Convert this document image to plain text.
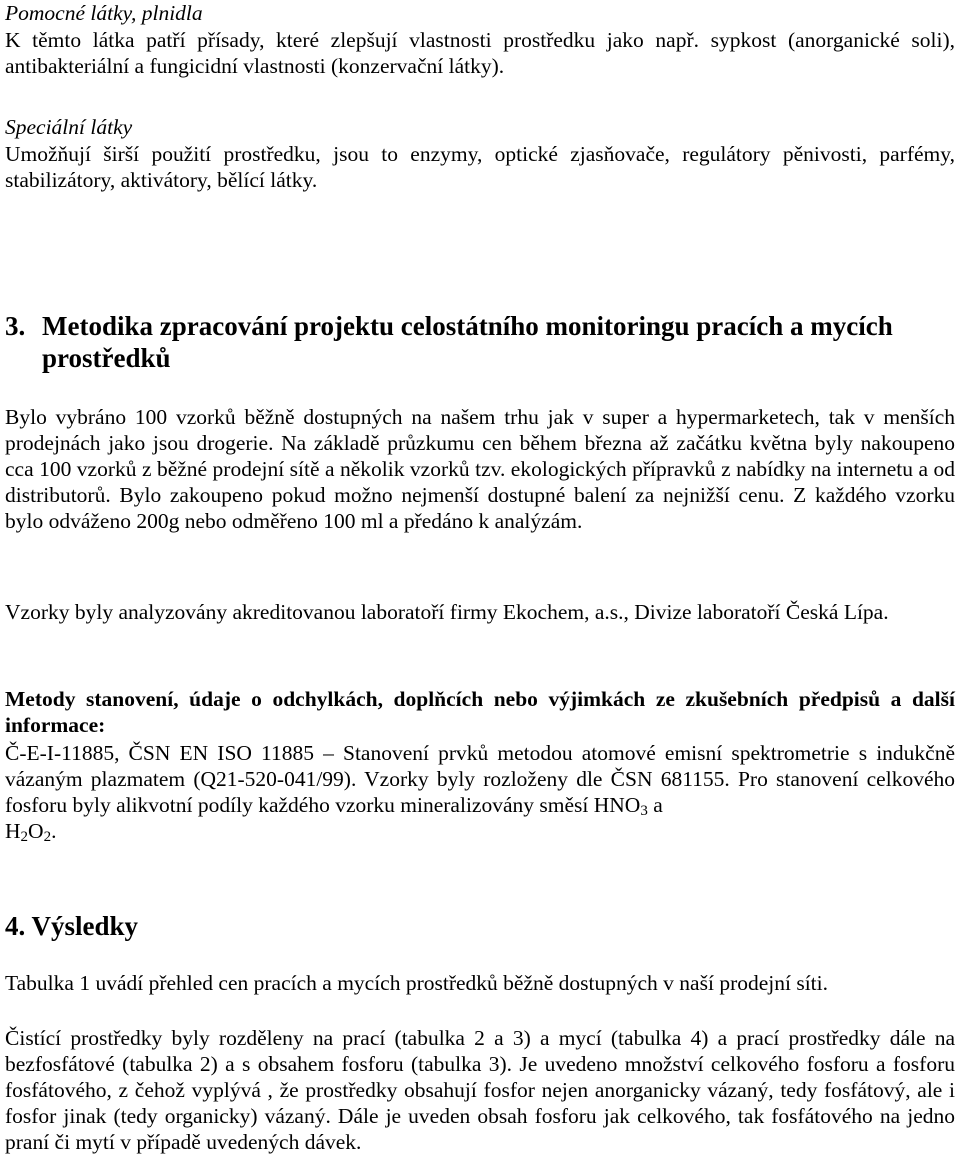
Pomocné látky, plnidla

K těmto látka patří přísady, které zlepšují vlastnosti prostředku jako např. sypkost (anorganické soli), antibakteriální a fungicidní vlastnosti (konzervační látky).

Speciální látky

Umožňují širší použití prostředku, jsou to enzymy, optické zjasňovače, regulátory pěnivosti, parfémy, stabilizátory, aktivátory, bělící látky.

3. Metodika zpracování projektu celostátního monitoringu pracích a mycích prostředků

Bylo vybráno 100 vzorků běžně dostupných na našem trhu jak v super a hypermarketech, tak v menších prodejnách jako jsou drogerie. Na základě průzkumu cen během března až začátku května byly nakoupeno cca 100 vzorků z běžné prodejní sítě a několik vzorků tzv. ekologických přípravků z nabídky na internetu a od distributorů. Bylo zakoupeno pokud možno nejmenší dostupné balení za nejnižší cenu. Z každého vzorku bylo odváženo 200g nebo odměřeno 100 ml a předáno k analýzám.

Vzorky byly analyzovány akreditovanou laboratoří firmy Ekochem, a.s., Divize laboratoří Česká Lípa.

Metody stanovení, údaje o odchylkách, doplňcích nebo výjimkách ze zkušebních předpisů a další informace:

Č-E-I-11885, ČSN EN ISO 11885 – Stanovení prvků metodou atomové emisní spektrometrie s indukčně vázaným plazmatem (Q21-520-041/99). Vzorky byly rozloženy dle ČSN 681155. Pro stanovení celkového fosforu byly alikvotní podíly každého vzorku mineralizovány směsí $HNO_3$ a
$H_2O_2$.

4. Výsledky

Tabulka 1 uvádí přehled cen pracích a mycích prostředků běžně dostupných v naší prodejní síti.

Čistící prostředky byly rozděleny na prací (tabulka 2 a 3) a mycí (tabulka 4) a prací prostředky dále na bezfosfátové (tabulka 2) a s obsahem fosforu (tabulka 3). Je uvedeno množství celkového fosforu a fosforu fosfátového, z čehož vyplývá , že prostředky obsahují fosfor nejen anorganicky vázaný, tedy fosfátový, ale i fosfor jinak (tedy organicky) vázaný. Dále je uveden obsah fosforu jak celkového, tak fosfátového na jedno praní či mytí v případě uvedených dávek.
